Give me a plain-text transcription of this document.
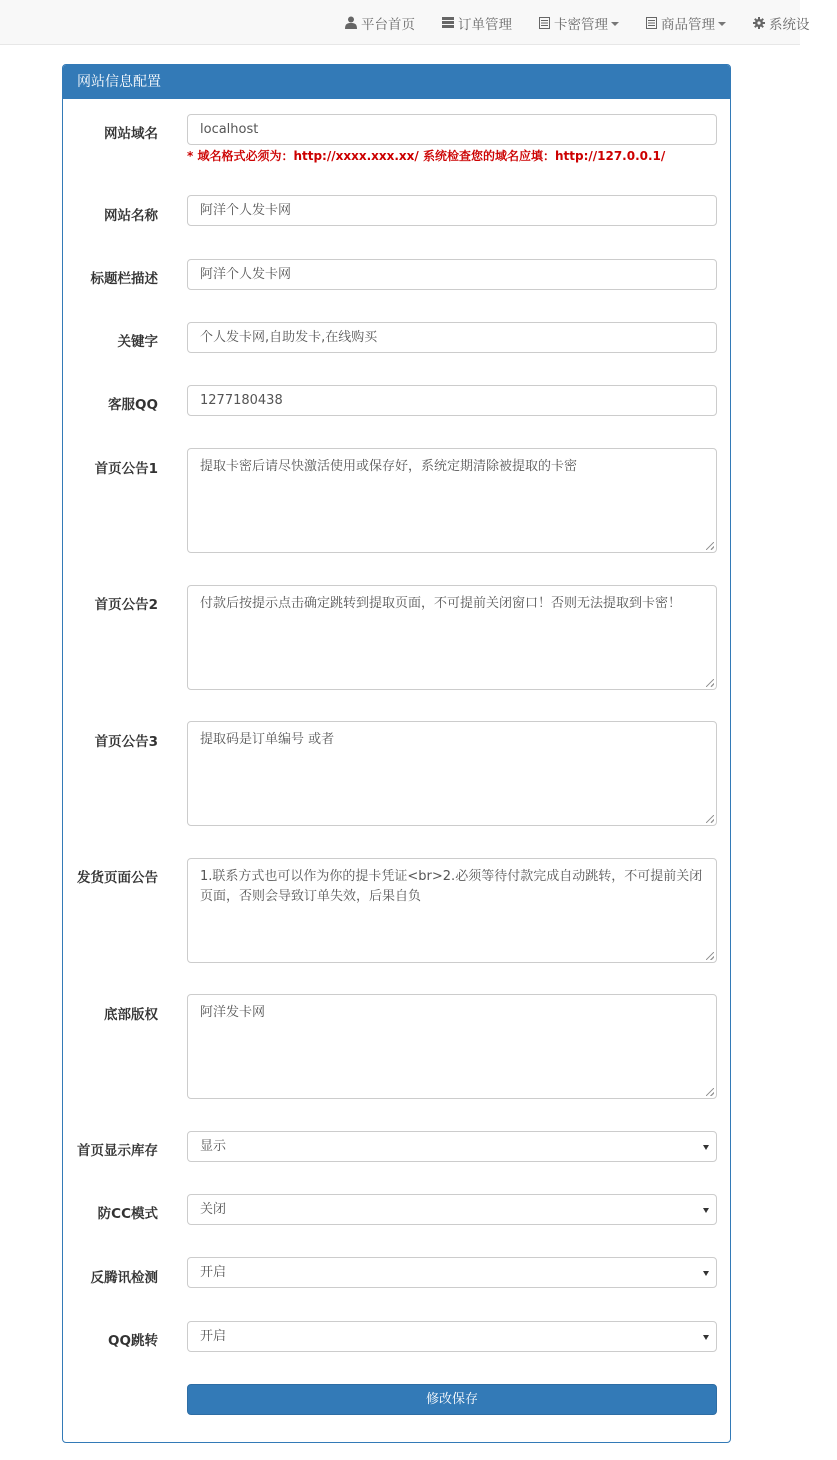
平台首页	订单管理	卡密管理	商品管理	系统设
网站信息配置
网站域名	localhost
* 域名格式必须为：http://xxxx.xxx.xx/ 系统检查您的域名应填：http://127.0.0.1/
网站名称	阿洋个人发卡网
标题栏描述	阿洋个人发卡网
关键字	个人发卡网,自助发卡,在线购买
客服QQ	1277180438
首页公告1	提取卡密后请尽快激活使用或保存好，系统定期清除被提取的卡密
首页公告2	付款后按提示点击确定跳转到提取页面，不可提前关闭窗口！否则无法提取到卡密！
首页公告3	提取码是订单编号 或者
发货页面公告	1.联系方式也可以作为你的提卡凭证<br>2.必须等待付款完成自动跳转，不可提前关闭页面，否则会导致订单失效，后果自负
底部版权	阿洋发卡网
首页显示库存	显示
防CC模式	关闭
反腾讯检测	开启
QQ跳转	开启
修改保存
